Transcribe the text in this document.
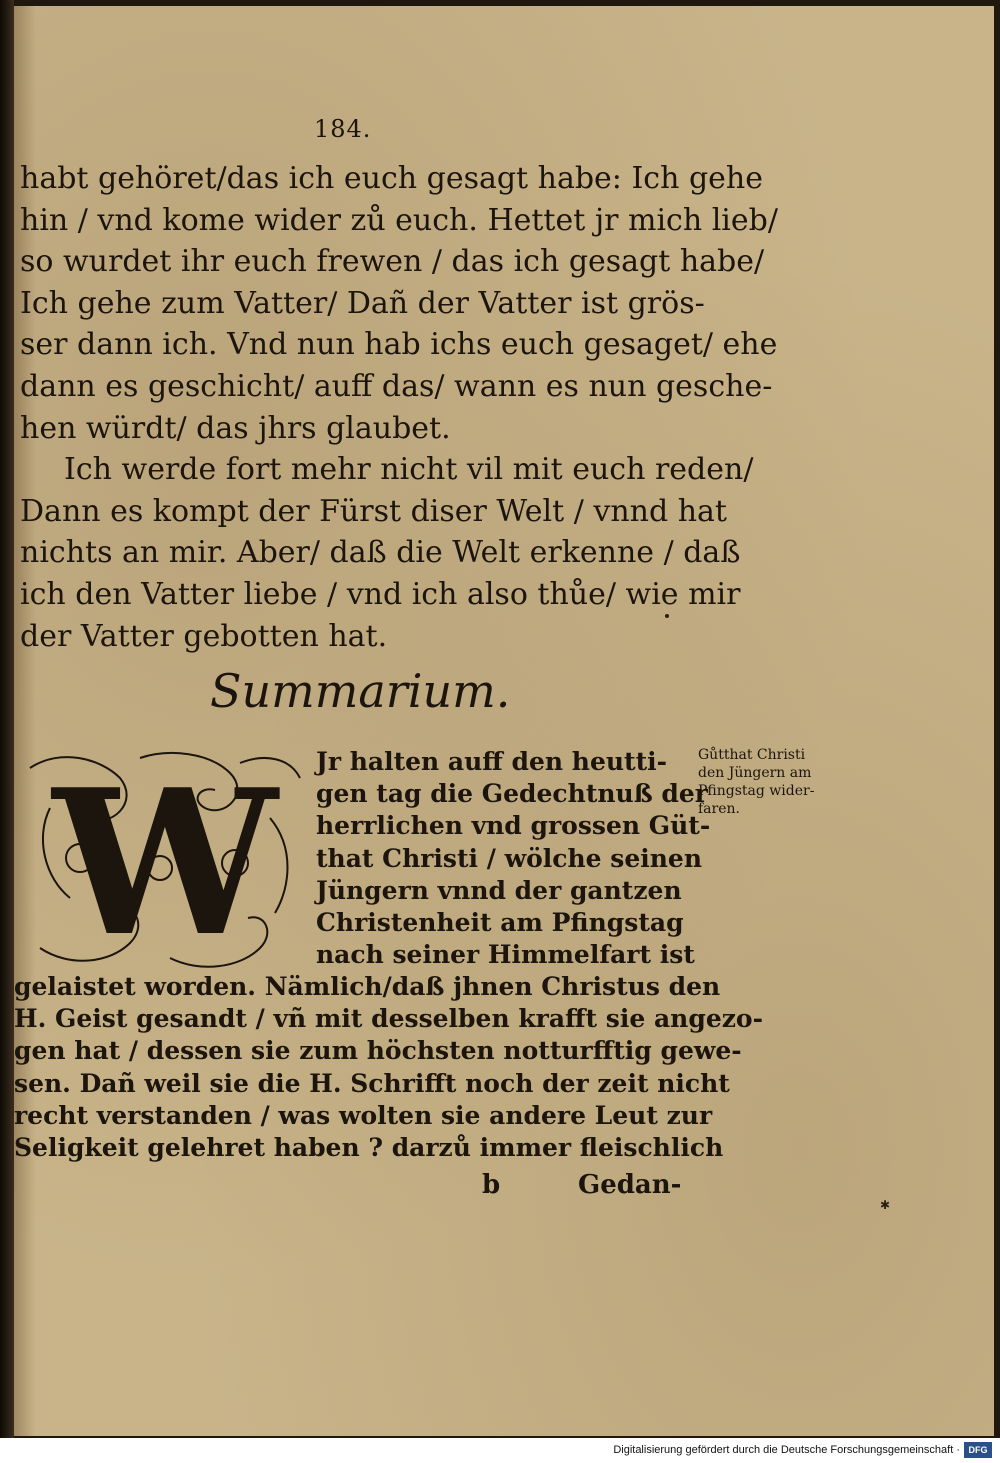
184.
habt gehöret/das ich euch gesagt habe: Ich gehe
hin / vnd kome wider zů euch. Hettet jr mich lieb/
so wurdet ihr euch frewen / das ich gesagt habe/
Ich gehe zum Vatter/ Dañ der Vatter ist grös-
ser dann ich. Vnd nun hab ichs euch gesaget/ ehe
dann es geschicht/ auff das/ wann es nun gesche-
hen würdt/ das jhrs glaubet.
Ich werde fort mehr nicht vil mit euch reden/
Dann es kompt der Fürst diser Welt / vnnd hat
nichts an mir. Aber/ daß die Welt erkenne / daß
ich den Vatter liebe / vnd ich also thůe/ wie mir
der Vatter gebotten hat.
Summarium.
W Jr halten auff den heutti-
gen tag die Gedechtnuß der
herrlichen vnd grossen Güt-
that Christi / wölche seinen
Jüngern vnnd der gantzen
Christenheit am Pfingstag
nach seiner Himmelfart ist
gelaistet worden. Nämlich/daß jhnen Christus den
H. Geist gesandt / vñ mit desselben krafft sie angezo-
gen hat / dessen sie zum höchsten notturfftig gewe-
sen. Dañ weil sie die H. Schrifft noch der zeit nicht
recht verstanden / was wolten sie andere Leut zur
Seligkeit gelehret haben ? darzů immer fleischlich
b	Gedan-
Gůtthat Christi
den Jüngern am
Pfingstag wider-
faren.
✱
Digitalisierung gefördert durch die Deutsche Forschungsgemeinschaft · DFG
